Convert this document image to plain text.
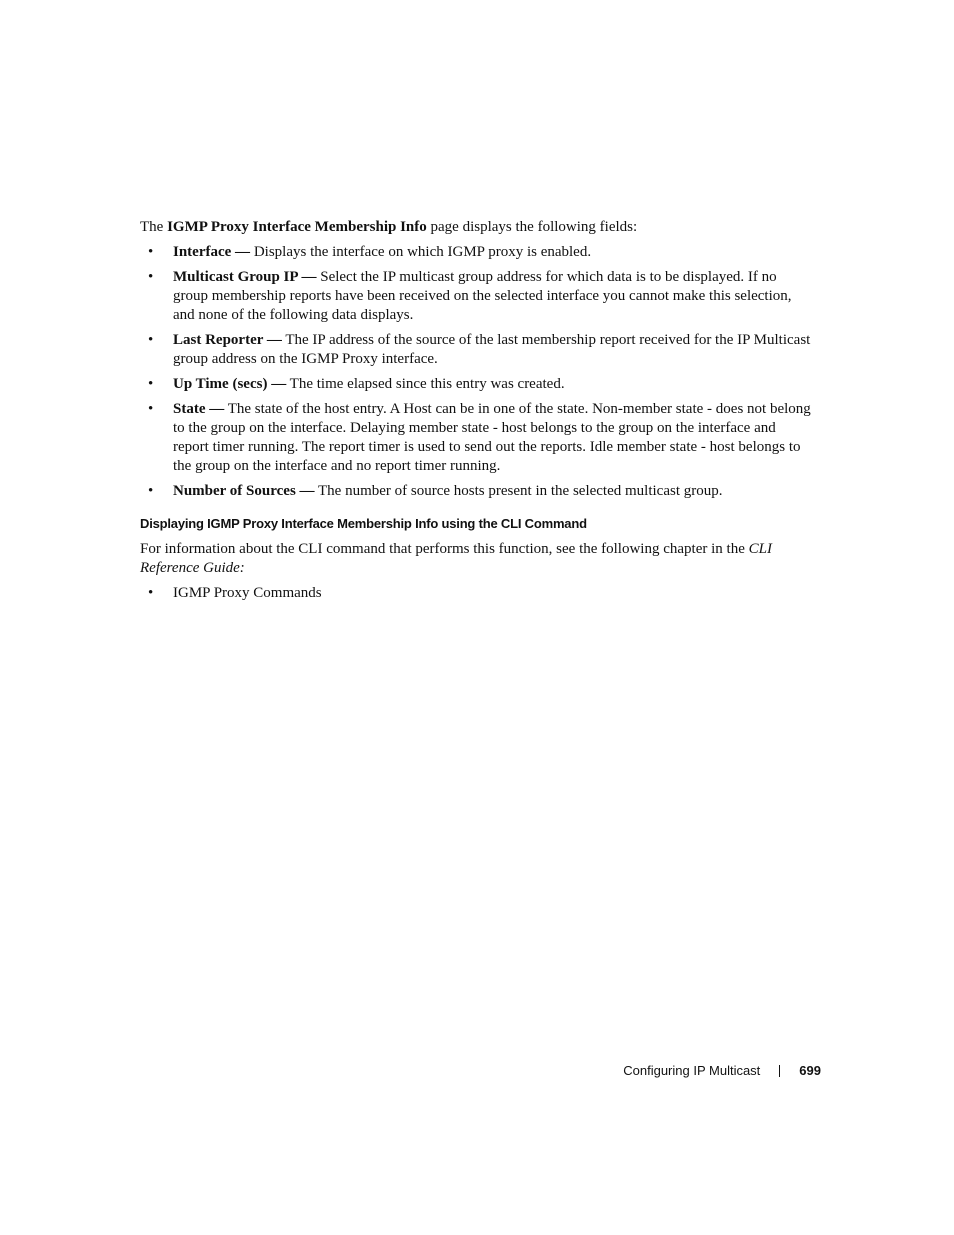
The IGMP Proxy Interface Membership Info page displays the following fields:

• Interface — Displays the interface on which IGMP proxy is enabled.
• Multicast Group IP — Select the IP multicast group address for which data is to be displayed. If no group membership reports have been received on the selected interface you cannot make this selection, and none of the following data displays.
• Last Reporter — The IP address of the source of the last membership report received for the IP Multicast group address on the IGMP Proxy interface.
• Up Time (secs) — The time elapsed since this entry was created.
• State — The state of the host entry. A Host can be in one of the state. Non-member state - does not belong to the group on the interface. Delaying member state - host belongs to the group on the interface and report timer running. The report timer is used to send out the reports. Idle member state - host belongs to the group on the interface and no report timer running.
• Number of Sources — The number of source hosts present in the selected multicast group.
Displaying IGMP Proxy Interface Membership Info using the CLI Command

For information about the CLI command that performs this function, see the following chapter in the CLI Reference Guide:

• IGMP Proxy Commands
Configuring IP Multicast	699
